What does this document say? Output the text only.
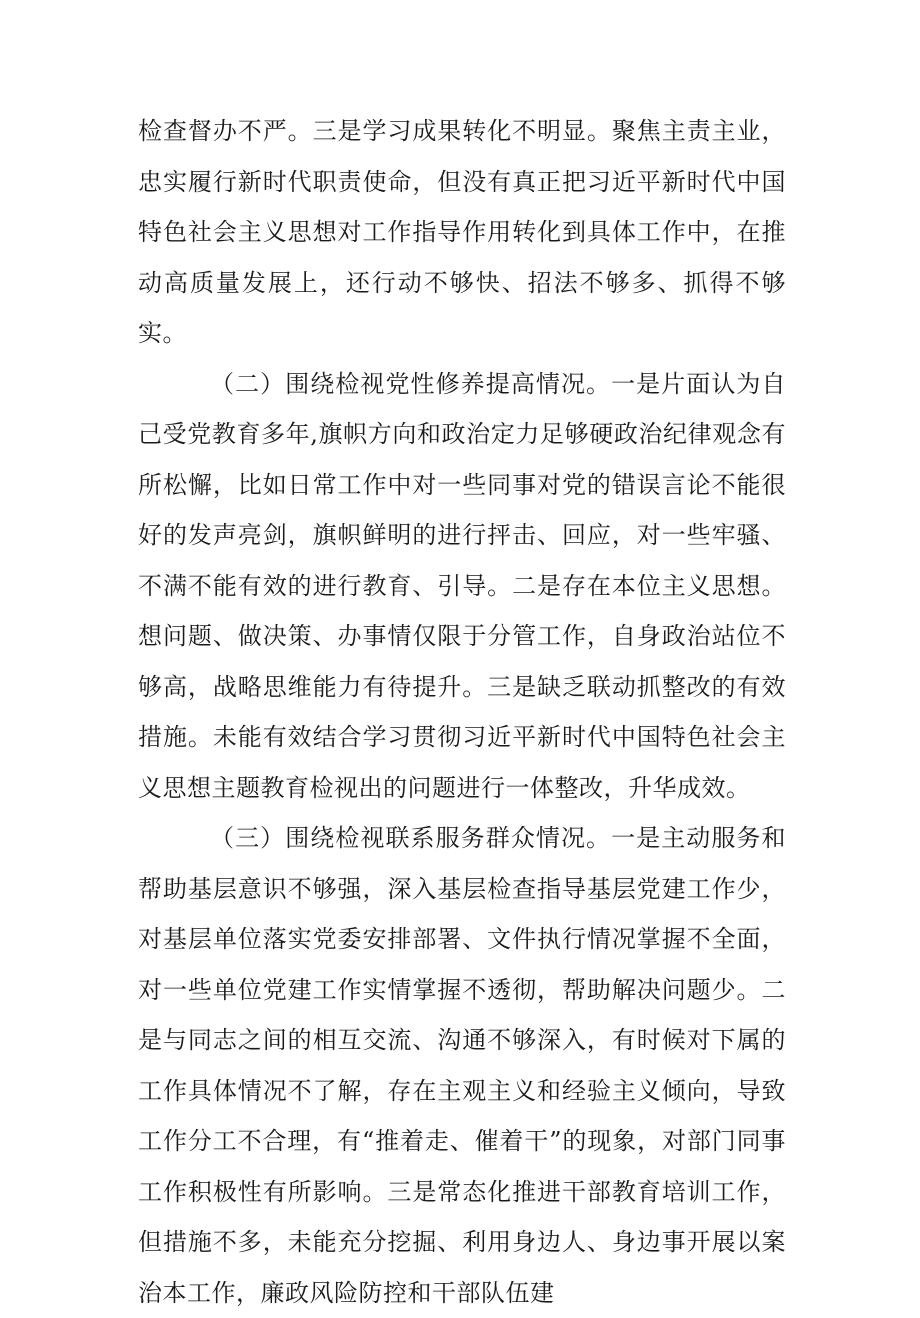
检查督办不严。三是学习成果转化不明显。聚焦主责主业，忠实履行新时代职责使命，但没有真正把习近平新时代中国特色社会主义思想对工作指导作用转化到具体工作中，在推动高质量发展上，还行动不够快、招法不够多、抓得不够实。

（二）围绕检视党性修养提高情况。一是片面认为自己受党教育多年,旗帜方向和政治定力足够硬政治纪律观念有所松懈，比如日常工作中对一些同事对党的错误言论不能很好的发声亮剑，旗帜鲜明的进行抨击、回应，对一些牢骚、不满不能有效的进行教育、引导。二是存在本位主义思想。想问题、做决策、办事情仅限于分管工作，自身政治站位不够高，战略思维能力有待提升。三是缺乏联动抓整改的有效措施。未能有效结合学习贯彻习近平新时代中国特色社会主义思想主题教育检视出的问题进行一体整改，升华成效。

（三）围绕检视联系服务群众情况。一是主动服务和帮助基层意识不够强，深入基层检查指导基层党建工作少，对基层单位落实党委安排部署、文件执行情况掌握不全面，对一些单位党建工作实情掌握不透彻，帮助解决问题少。二是与同志之间的相互交流、沟通不够深入，有时候对下属的工作具体情况不了解，存在主观主义和经验主义倾向，导致工作分工不合理，有“推着走、催着干”的现象，对部门同事工作积极性有所影响。三是常态化推进干部教育培训工作，但措施不多，未能充分挖掘、利用身边人、身边事开展以案治本工作，廉政风险防控和干部队伍建
